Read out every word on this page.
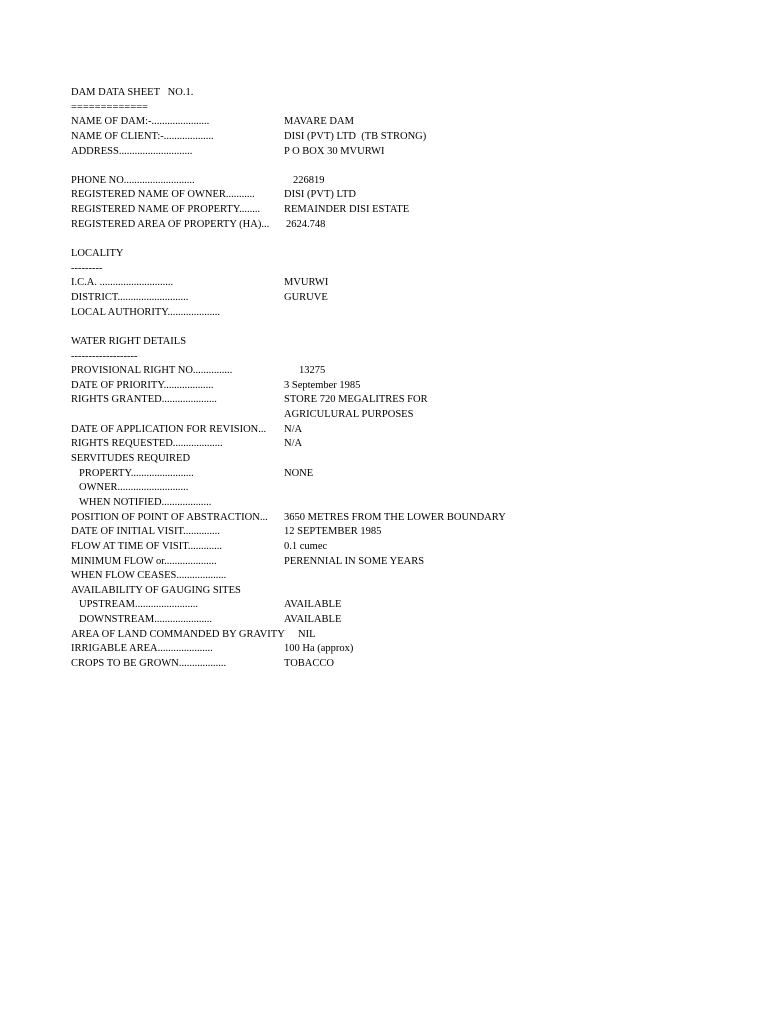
DAM DATA SHEET   NO.1.

=============

NAME OF DAM:-......................

	MAVARE DAM

NAME OF CLIENT:-...................

	DISI (PVT) LTD  (TB STRONG)

ADDRESS............................

	P O BOX 30 MVURWI

PHONE NO...........................

	226819

REGISTERED NAME OF OWNER...........

	DISI (PVT) LTD

REGISTERED NAME OF PROPERTY........

REMAINDER DISI ESTATE

REGISTERED AREA OF PROPERTY (HA)...

2624.748

LOCALITY

---------

I.C.A. ............................

	MVURWI

DISTRICT...........................

	GURUVE

LOCAL AUTHORITY....................

WATER RIGHT DETAILS

-------------------

PROVISIONAL RIGHT NO...............

	13275

DATE OF PRIORITY...................

	3 September 1985

RIGHTS GRANTED.....................

	STORE 720 MEGALITRES FOR

AGRICULURAL PURPOSES

DATE OF APPLICATION FOR REVISION...

N/A

RIGHTS REQUESTED...................

	N/A

SERVITUDES REQUIRED

PROPERTY........................

	NONE

OWNER...........................

WHEN NOTIFIED...................

POSITION OF POINT OF ABSTRACTION...

3650 METRES FROM THE LOWER BOUNDARY

DATE OF INITIAL VISIT..............

	12 SEPTEMBER 1985

FLOW AT TIME OF VISIT.............

	0.1 cumec

MINIMUM FLOW or....................

	PERENNIAL IN SOME YEARS

WHEN FLOW CEASES...................

AVAILABILITY OF GAUGING SITES

UPSTREAM........................

	AVAILABLE

DOWNSTREAM......................

	AVAILABLE

AREA OF LAND COMMANDED BY GRAVITY

NIL

IRRIGABLE AREA.....................

	100 Ha (approx)

CROPS TO BE GROWN..................

	TOBACCO
